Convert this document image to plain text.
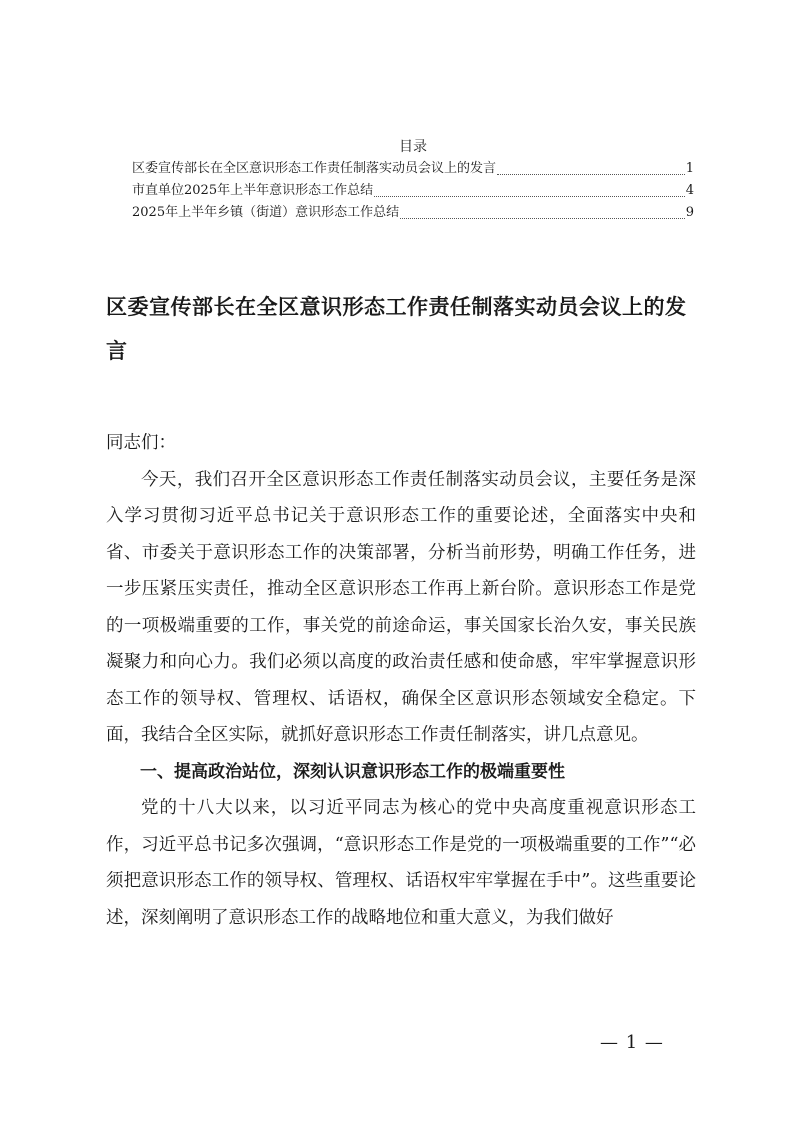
目录
区委宣传部长在全区意识形态工作责任制落实动员会议上的发言	1
市直单位2025年上半年意识形态工作总结	4
2025年上半年乡镇（街道）意识形态工作总结	9
区委宣传部长在全区意识形态工作责任制落实动员会议上的发言

同志们：

今天，我们召开全区意识形态工作责任制落实动员会议，主要任务是深入学习贯彻习近平总书记关于意识形态工作的重要论述，全面落实中央和省、市委关于意识形态工作的决策部署，分析当前形势，明确工作任务，进一步压紧压实责任，推动全区意识形态工作再上新台阶。意识形态工作是党的一项极端重要的工作，事关党的前途命运，事关国家长治久安，事关民族凝聚力和向心力。我们必须以高度的政治责任感和使命感，牢牢掌握意识形态工作的领导权、管理权、话语权，确保全区意识形态领域安全稳定。下面，我结合全区实际，就抓好意识形态工作责任制落实，讲几点意见。

一、提高政治站位，深刻认识意识形态工作的极端重要性

党的十八大以来，以习近平同志为核心的党中央高度重视意识形态工作，习近平总书记多次强调，“意识形态工作是党的一项极端重要的工作”“必须把意识形态工作的领导权、管理权、话语权牢牢掌握在手中”。这些重要论述，深刻阐明了意识形态工作的战略地位和重大意义，为我们做好

— 1 —
